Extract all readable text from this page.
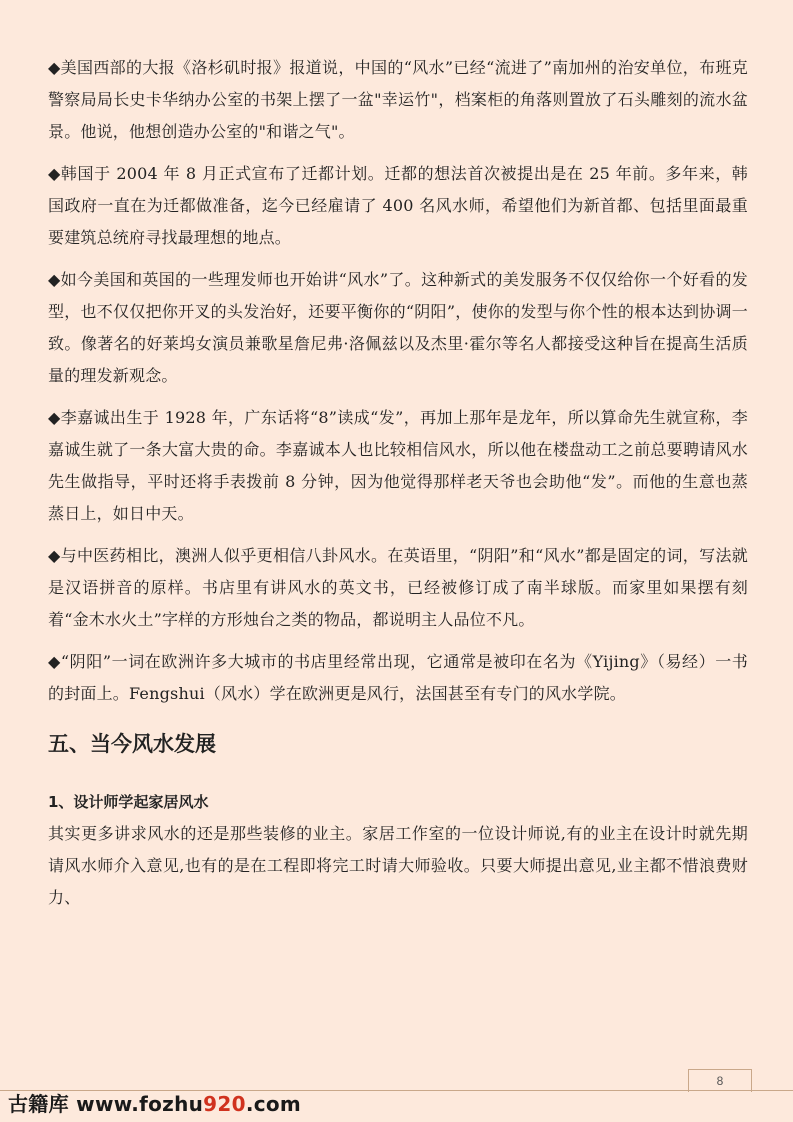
◆美国西部的大报《洛杉矶时报》报道说，中国的“风水”已经“流进了”南加州的治安单位，布班克警察局局长史卡华纳办公室的书架上摆了一盆"幸运竹"，档案柜的角落则置放了石头雕刻的流水盆景。他说，他想创造办公室的"和谐之气"。

◆韩国于 2004 年 8 月正式宣布了迁都计划。迁都的想法首次被提出是在 25 年前。多年来，韩国政府一直在为迁都做准备，迄今已经雇请了 400 名风水师，希望他们为新首都、包括里面最重要建筑总统府寻找最理想的地点。

◆如今美国和英国的一些理发师也开始讲“风水”了。这种新式的美发服务不仅仅给你一个好看的发型，也不仅仅把你开叉的头发治好，还要平衡你的“阴阳”，使你的发型与你个性的根本达到协调一致。像著名的好莱坞女演员兼歌星詹尼弗·洛佩兹以及杰里·霍尔等名人都接受这种旨在提高生活质量的理发新观念。

◆李嘉诚出生于 1928 年，广东话将“8”读成“发”，再加上那年是龙年，所以算命先生就宣称，李嘉诚生就了一条大富大贵的命。李嘉诚本人也比较相信风水，所以他在楼盘动工之前总要聘请风水先生做指导，平时还将手表拨前 8 分钟，因为他觉得那样老天爷也会助他“发”。而他的生意也蒸蒸日上，如日中天。

◆与中医药相比，澳洲人似乎更相信八卦风水。在英语里，“阴阳”和“风水”都是固定的词，写法就是汉语拼音的原样。书店里有讲风水的英文书，已经被修订成了南半球版。而家里如果摆有刻着“金木水火土”字样的方形烛台之类的物品，都说明主人品位不凡。

◆“阴阳”一词在欧洲许多大城市的书店里经常出现，它通常是被印在名为《Yijing》（易经）一书的封面上。Fengshui（风水）学在欧洲更是风行，法国甚至有专门的风水学院。

五、当今风水发展
1、设计师学起家居风水

其实更多讲求风水的还是那些装修的业主。家居工作室的一位设计师说,有的业主在设计时就先期请风水师介入意见,也有的是在工程即将完工时请大师验收。只要大师提出意见,业主都不惜浪费财力、

8
古籍库 www.fozhu920.com
